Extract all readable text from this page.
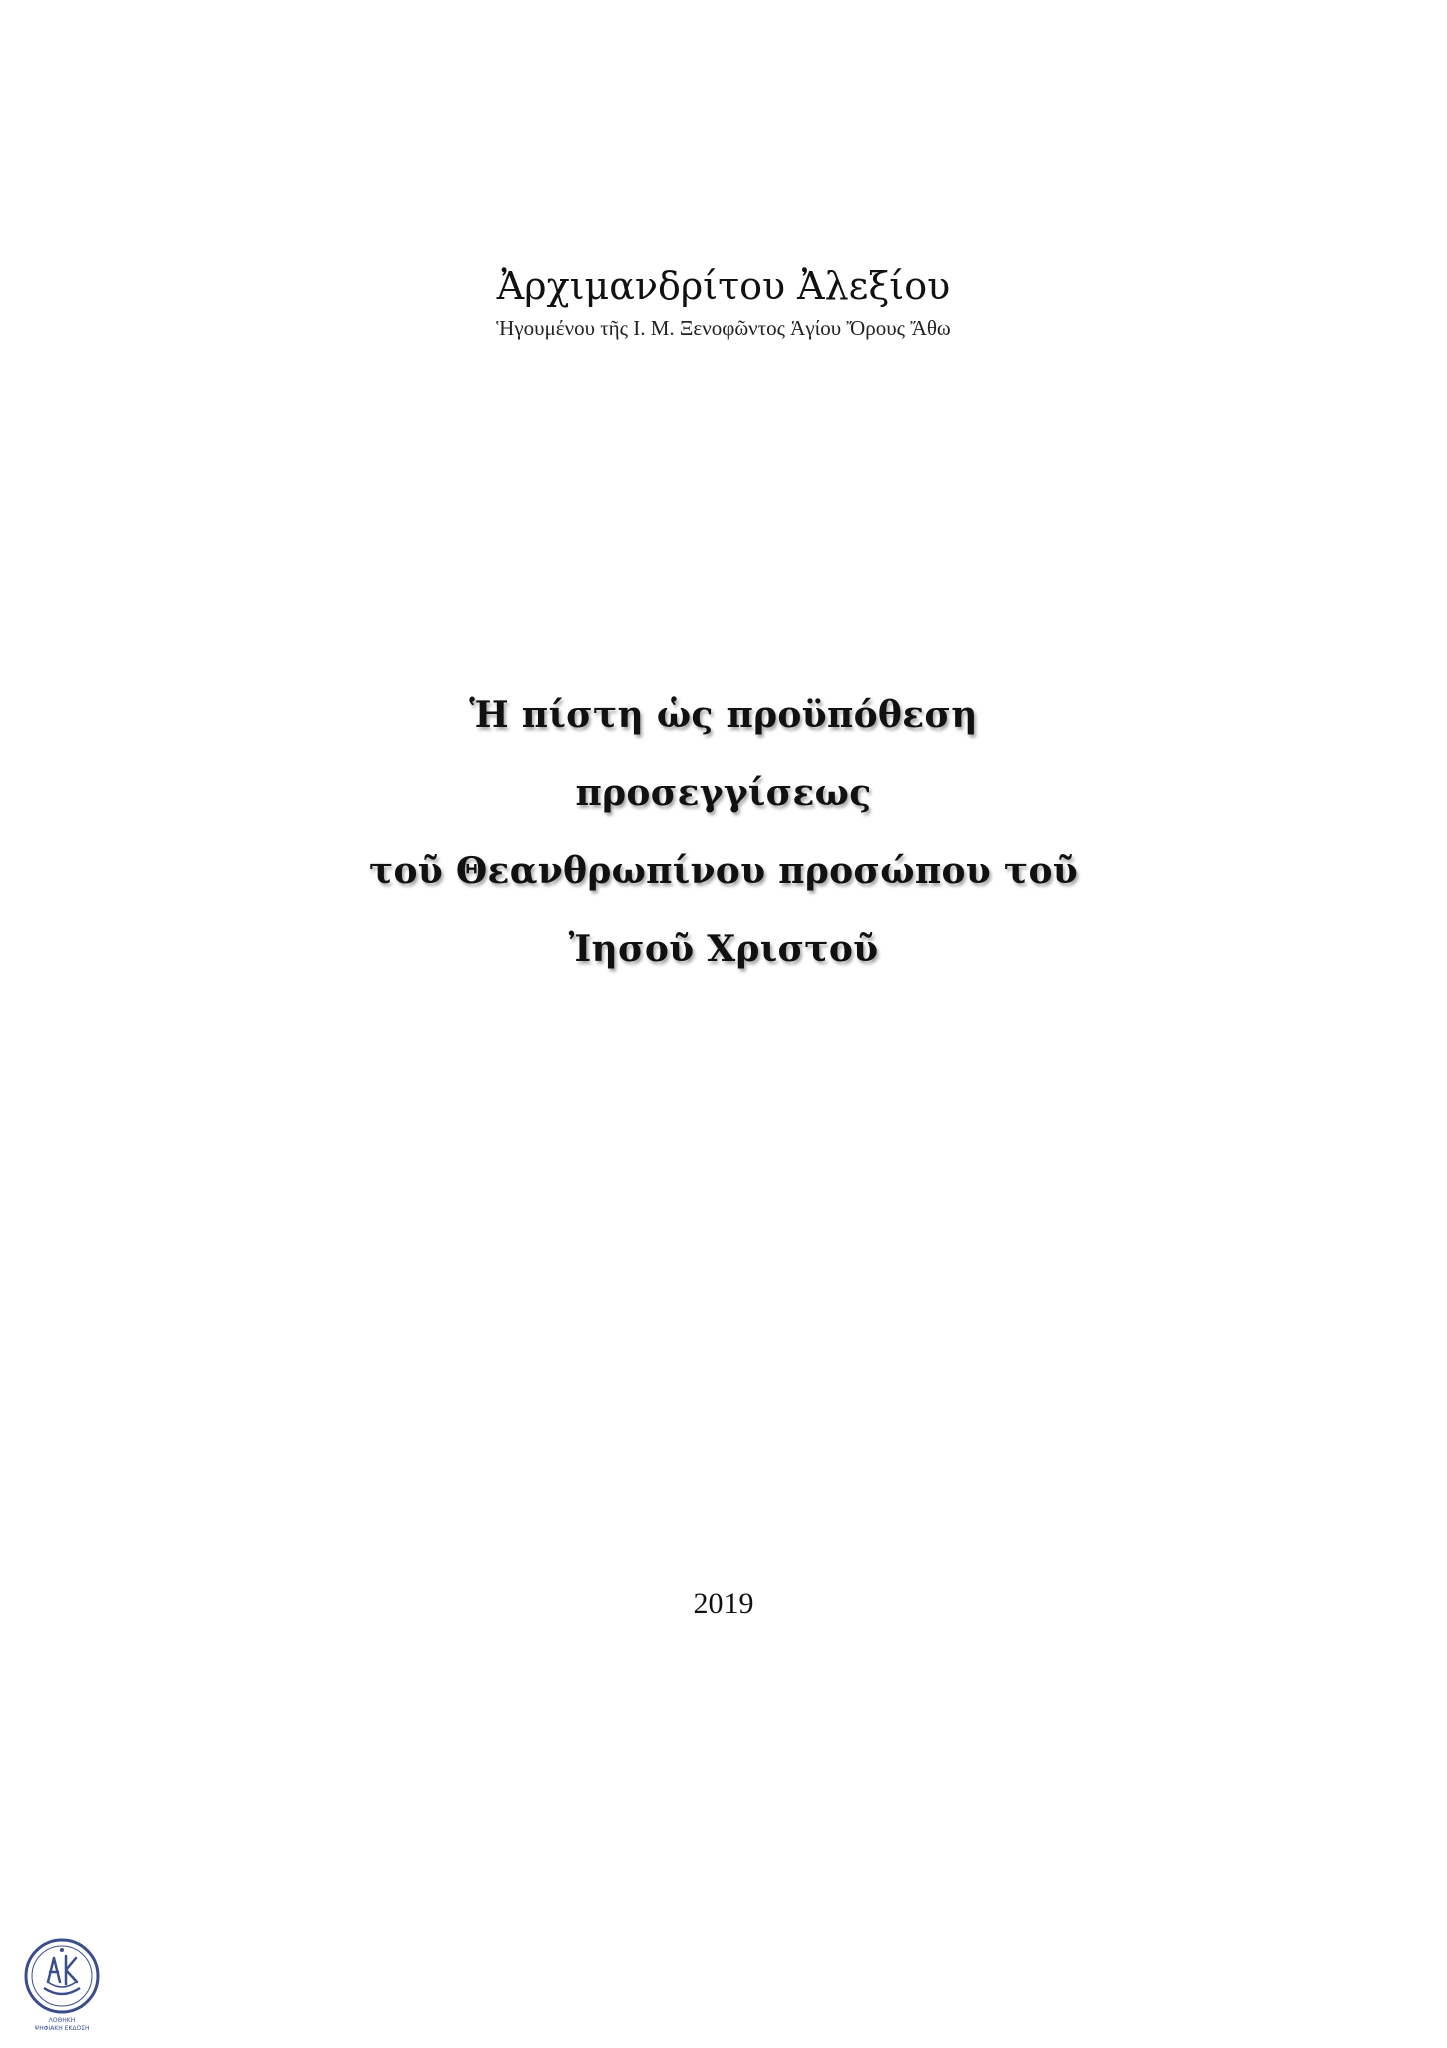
Ἀρχιμανδρίτου Ἀλεξίου

Ἡγουμένου τῆς Ι. Μ. Ξενοφῶντος Ἁγίου Ὄρους Ἄθω

Ἡ πίστη ὡς προϋπόθεση
προσεγγίσεως
τοῦ Θεανθρωπίνου προσώπου τοῦ
Ἰησοῦ Χριστοῦ
2019
ΛΟΘΗΚΗ
ΨΗΦΙΑΚΗ ΕΚΔΟΣΗ
